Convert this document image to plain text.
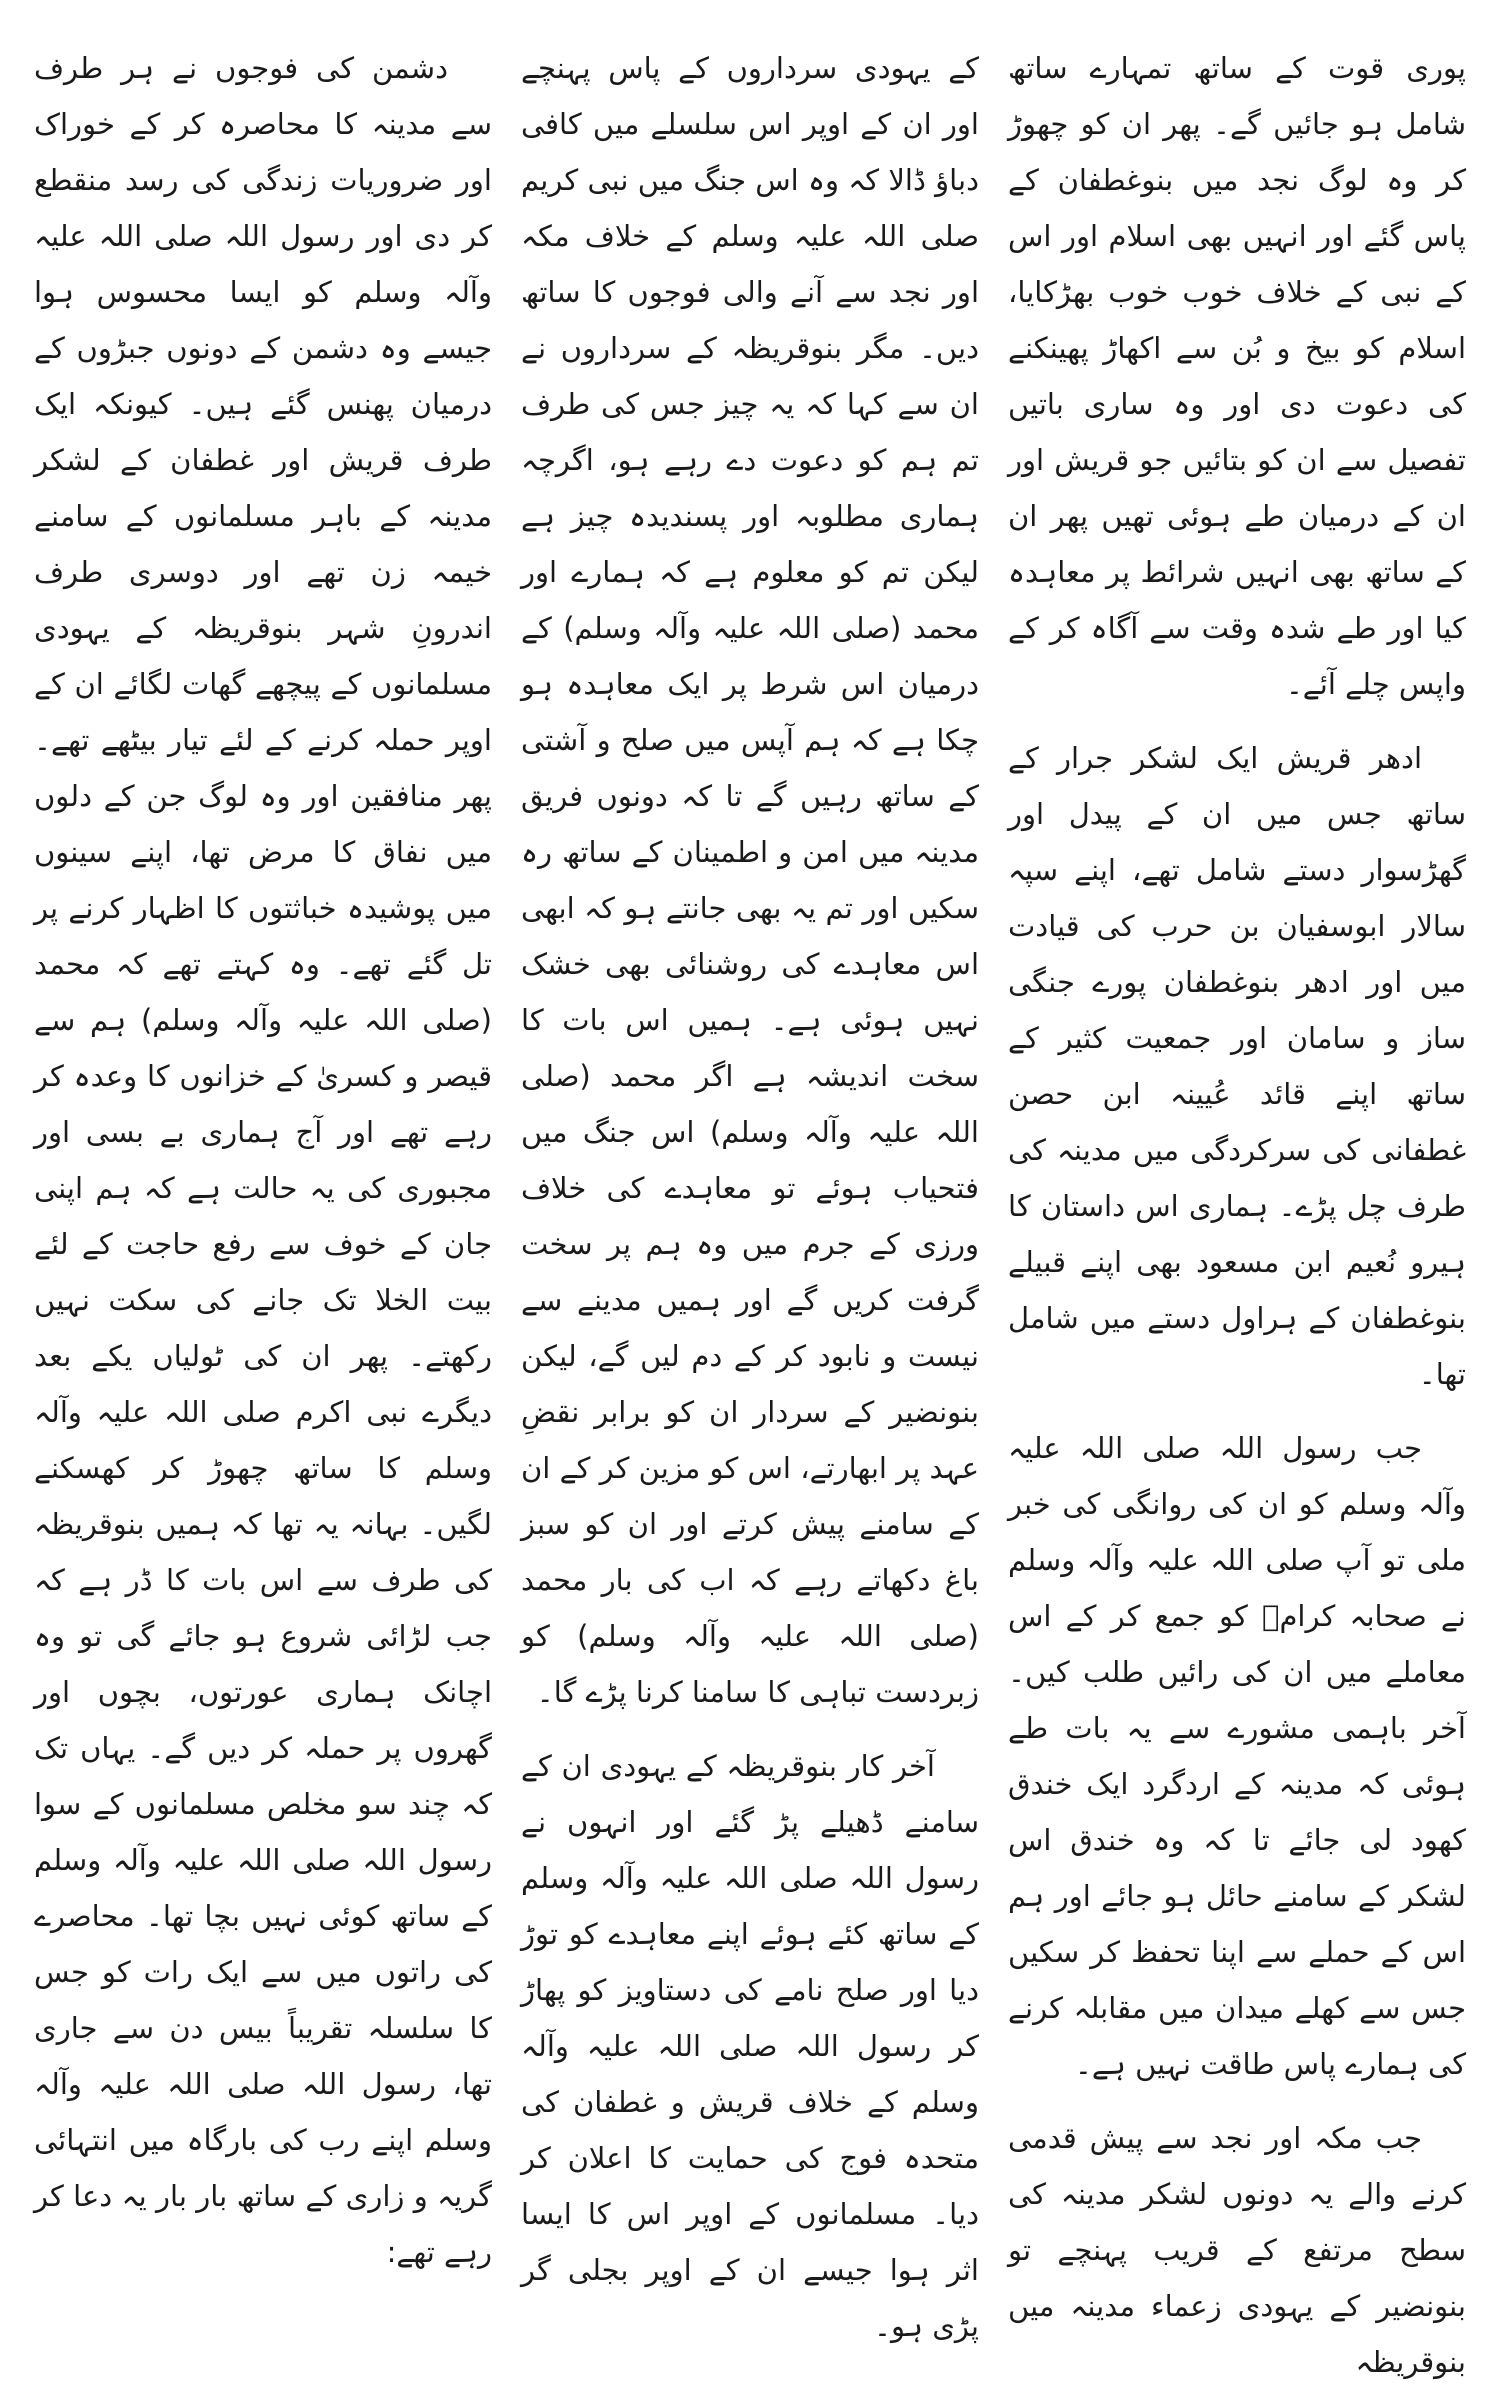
پوری قوت کے ساتھ تمہارے ساتھ شامل ہو جائیں گے۔ پھر ان کو چھوڑ کر وہ لوگ نجد میں بنوغطفان کے پاس گئے اور انہیں بھی اسلام اور اس کے نبی کے خلاف خوب خوب بھڑکایا، اسلام کو بیخ و بُن سے اکھاڑ پھینکنے کی دعوت دی اور وہ ساری باتیں تفصیل سے ان کو بتائیں جو قریش اور ان کے درمیان طے ہوئی تھیں پھر ان کے ساتھ بھی انہیں شرائط پر معاہدہ کیا اور طے شدہ وقت سے آگاہ کر کے واپس چلے آئے۔

ادھر قریش ایک لشکر جرار کے ساتھ جس میں ان کے پیدل اور گھڑسوار دستے شامل تھے، اپنے سپہ سالار ابوسفیان بن حرب کی قیادت میں اور ادھر بنوغطفان پورے جنگی ساز و سامان اور جمعیت کثیر کے ساتھ اپنے قائد عُیینہ ابن حصن غطفانی کی سرکردگی میں مدینہ کی طرف چل پڑے۔ ہماری اس داستان کا ہیرو نُعیم ابن مسعود بھی اپنے قبیلے بنوغطفان کے ہراول دستے میں شامل تھا۔

جب رسول اللہ صلی اللہ علیہ وآلہ وسلم کو ان کی روانگی کی خبر ملی تو آپ صلی اللہ علیہ وآلہ وسلم نے صحابہ کرامؓ کو جمع کر کے اس معاملے میں ان کی رائیں طلب کیں۔ آخر باہمی مشورے سے یہ بات طے ہوئی کہ مدینہ کے اردگرد ایک خندق کھود لی جائے تا کہ وہ خندق اس لشکر کے سامنے حائل ہو جائے اور ہم اس کے حملے سے اپنا تحفظ کر سکیں جس سے کھلے میدان میں مقابلہ کرنے کی ہمارے پاس طاقت نہیں ہے۔

جب مکہ اور نجد سے پیش قدمی کرنے والے یہ دونوں لشکر مدینہ کی سطح مرتفع کے قریب پہنچے تو بنونضیر کے یہودی زعماء مدینہ میں بنوقریظہ

کے یہودی سرداروں کے پاس پہنچے اور ان کے اوپر اس سلسلے میں کافی دباؤ ڈالا کہ وہ اس جنگ میں نبی کریم صلی اللہ علیہ وسلم کے خلاف مکہ اور نجد سے آنے والی فوجوں کا ساتھ دیں۔ مگر بنوقریظہ کے سرداروں نے ان سے کہا کہ یہ چیز جس کی طرف تم ہم کو دعوت دے رہے ہو، اگرچہ ہماری مطلوبہ اور پسندیدہ چیز ہے لیکن تم کو معلوم ہے کہ ہمارے اور محمد (صلی اللہ علیہ وآلہ وسلم) کے درمیان اس شرط پر ایک معاہدہ ہو چکا ہے کہ ہم آپس میں صلح و آشتی کے ساتھ رہیں گے تا کہ دونوں فریق مدینہ میں امن و اطمینان کے ساتھ رہ سکیں اور تم یہ بھی جانتے ہو کہ ابھی اس معاہدے کی روشنائی بھی خشک نہیں ہوئی ہے۔ ہمیں اس بات کا سخت اندیشہ ہے اگر محمد (صلی اللہ علیہ وآلہ وسلم) اس جنگ میں فتحیاب ہوئے تو معاہدے کی خلاف ورزی کے جرم میں وہ ہم پر سخت گرفت کریں گے اور ہمیں مدینے سے نیست و نابود کر کے دم لیں گے، لیکن بنونضیر کے سردار ان کو برابر نقضِ عہد پر ابھارتے، اس کو مزین کر کے ان کے سامنے پیش کرتے اور ان کو سبز باغ دکھاتے رہے کہ اب کی بار محمد (صلی اللہ علیہ وآلہ وسلم) کو زبردست تباہی کا سامنا کرنا پڑے گا۔

آخر کار بنوقریظہ کے یہودی ان کے سامنے ڈھیلے پڑ گئے اور انہوں نے رسول اللہ صلی اللہ علیہ وآلہ وسلم کے ساتھ کئے ہوئے اپنے معاہدے کو توڑ دیا اور صلح نامے کی دستاویز کو پھاڑ کر رسول اللہ صلی اللہ علیہ وآلہ وسلم کے خلاف قریش و غطفان کی متحدہ فوج کی حمایت کا اعلان کر دیا۔ مسلمانوں کے اوپر اس کا ایسا اثر ہوا جیسے ان کے اوپر بجلی گر پڑی ہو۔

دشمن کی فوجوں نے ہر طرف سے مدینہ کا محاصرہ کر کے خوراک اور ضروریات زندگی کی رسد منقطع کر دی اور رسول اللہ صلی اللہ علیہ وآلہ وسلم کو ایسا محسوس ہوا جیسے وہ دشمن کے دونوں جبڑوں کے درمیان پھنس گئے ہیں۔ کیونکہ ایک طرف قریش اور غطفان کے لشکر مدینہ کے باہر مسلمانوں کے سامنے خیمہ زن تھے اور دوسری طرف اندرونِ شہر بنوقریظہ کے یہودی مسلمانوں کے پیچھے گھات لگائے ان کے اوپر حملہ کرنے کے لئے تیار بیٹھے تھے۔ پھر منافقین اور وہ لوگ جن کے دلوں میں نفاق کا مرض تھا، اپنے سینوں میں پوشیدہ خباثتوں کا اظہار کرنے پر تل گئے تھے۔ وہ کہتے تھے کہ محمد (صلی اللہ علیہ وآلہ وسلم) ہم سے قیصر و کسریٰ کے خزانوں کا وعدہ کر رہے تھے اور آج ہماری بے بسی اور مجبوری کی یہ حالت ہے کہ ہم اپنی جان کے خوف سے رفع حاجت کے لئے بیت الخلا تک جانے کی سکت نہیں رکھتے۔ پھر ان کی ٹولیاں یکے بعد دیگرے نبی اکرم صلی اللہ علیہ وآلہ وسلم کا ساتھ چھوڑ کر کھسکنے لگیں۔ بہانہ یہ تھا کہ ہمیں بنوقریظہ کی طرف سے اس بات کا ڈر ہے کہ جب لڑائی شروع ہو جائے گی تو وہ اچانک ہماری عورتوں، بچوں اور گھروں پر حملہ کر دیں گے۔ یہاں تک کہ چند سو مخلص مسلمانوں کے سوا رسول اللہ صلی اللہ علیہ وآلہ وسلم کے ساتھ کوئی نہیں بچا تھا۔ محاصرے کی راتوں میں سے ایک رات کو جس کا سلسلہ تقریباً بیس دن سے جاری تھا، رسول اللہ صلی اللہ علیہ وآلہ وسلم اپنے رب کی بارگاہ میں انتہائی گریہ و زاری کے ساتھ بار بار یہ دعا کر رہے تھے:
